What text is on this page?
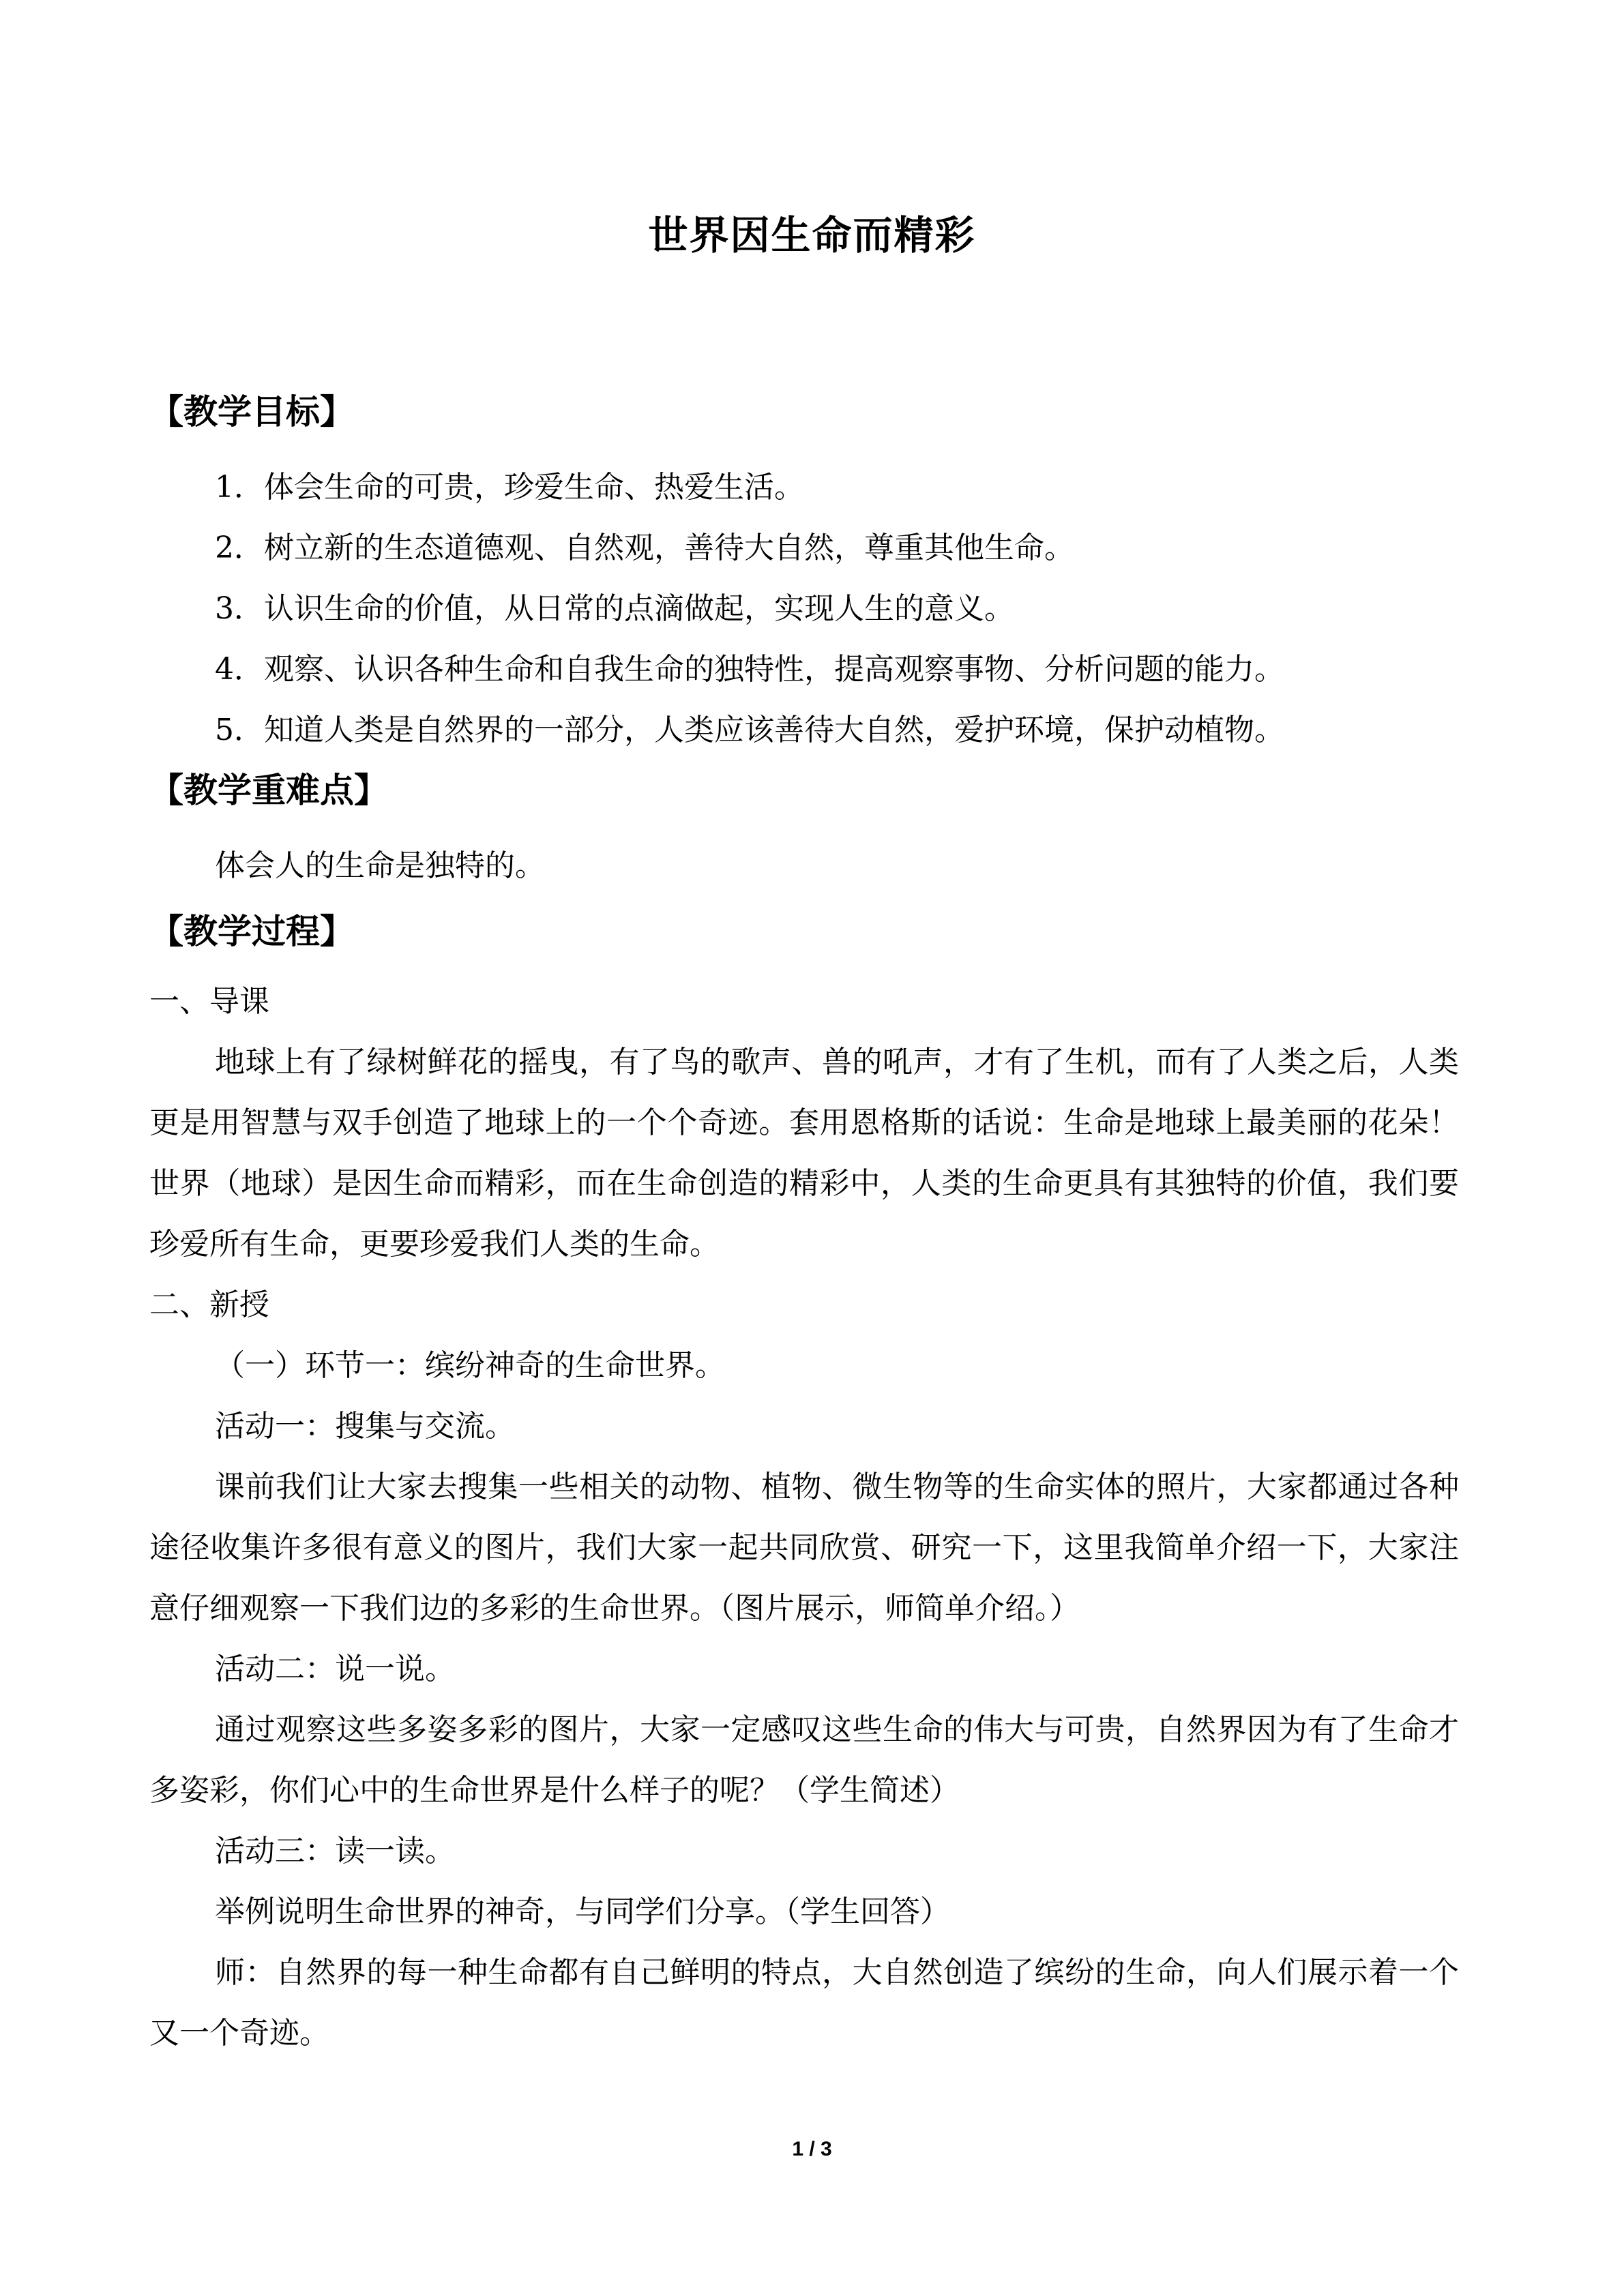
世界因生命而精彩
【教学目标】

1．体会生命的可贵，珍爱生命、热爱生活。

2．树立新的生态道德观、自然观，善待大自然，尊重其他生命。

3．认识生命的价值，从日常的点滴做起，实现人生的意义。

4．观察、认识各种生命和自我生命的独特性，提高观察事物、分析问题的能力。

5．知道人类是自然界的一部分，人类应该善待大自然，爱护环境，保护动植物。

【教学重难点】

体会人的生命是独特的。

【教学过程】

一、导课

地球上有了绿树鲜花的摇曳，有了鸟的歌声、兽的吼声，才有了生机，而有了人类之后，人类更是用智慧与双手创造了地球上的一个个奇迹。套用恩格斯的话说：生命是地球上最美丽的花朵！世界（地球）是因生命而精彩，而在生命创造的精彩中，人类的生命更具有其独特的价值，我们要珍爱所有生命，更要珍爱我们人类的生命。

二、新授

（一）环节一：缤纷神奇的生命世界。

活动一：搜集与交流。

课前我们让大家去搜集一些相关的动物、植物、微生物等的生命实体的照片，大家都通过各种途径收集许多很有意义的图片，我们大家一起共同欣赏、研究一下，这里我简单介绍一下，大家注意仔细观察一下我们边的多彩的生命世界。（图片展示，师简单介绍。）

活动二：说一说。

通过观察这些多姿多彩的图片，大家一定感叹这些生命的伟大与可贵，自然界因为有了生命才多姿彩，你们心中的生命世界是什么样子的呢？（学生简述）

活动三：读一读。

举例说明生命世界的神奇，与同学们分享。（学生回答）

师：自然界的每一种生命都有自己鲜明的特点，大自然创造了缤纷的生命，向人们展示着一个又一个奇迹。

1 / 3
